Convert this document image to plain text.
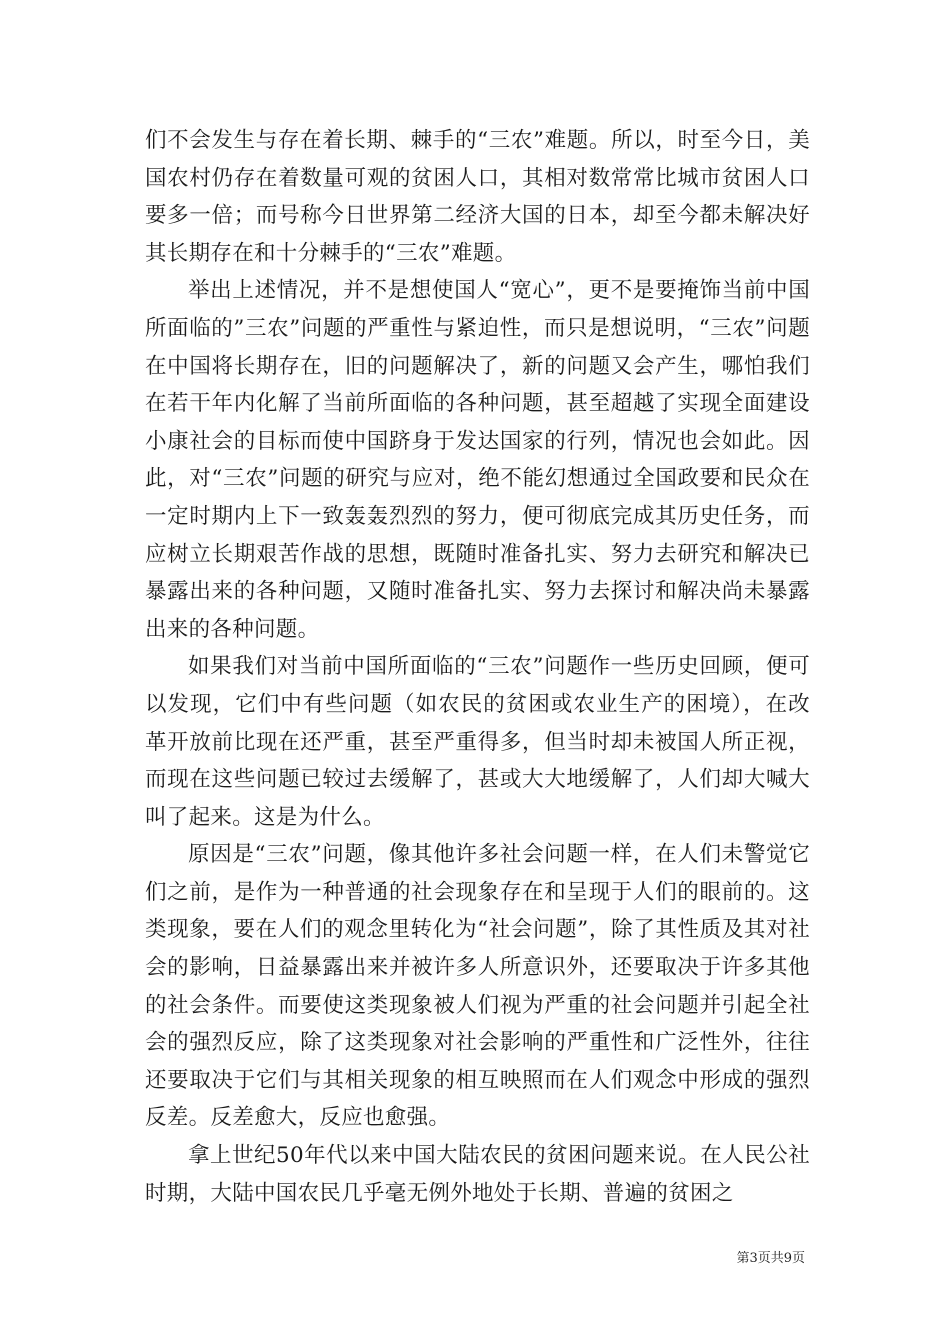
们不会发生与存在着长期、棘手的“三农”难题。所以，时至今日，美国农村仍存在着数量可观的贫困人口，其相对数常常比城市贫困人口要多一倍；而号称今日世界第二经济大国的日本，却至今都未解决好其长期存在和十分棘手的“三农”难题。

举出上述情况，并不是想使国人“宽心”，更不是要掩饰当前中国所面临的”三农”问题的严重性与紧迫性，而只是想说明，“三农”问题在中国将长期存在，旧的问题解决了，新的问题又会产生，哪怕我们在若干年内化解了当前所面临的各种问题，甚至超越了实现全面建设小康社会的目标而使中国跻身于发达国家的行列，情况也会如此。因此，对“三农”问题的研究与应对，绝不能幻想通过全国政要和民众在一定时期内上下一致轰轰烈烈的努力，便可彻底完成其历史任务，而应树立长期艰苦作战的思想，既随时准备扎实、努力去研究和解决已暴露出来的各种问题，又随时准备扎实、努力去探讨和解决尚未暴露出来的各种问题。

如果我们对当前中国所面临的“三农”问题作一些历史回顾，便可以发现，它们中有些问题（如农民的贫困或农业生产的困境），在改革开放前比现在还严重，甚至严重得多，但当时却未被国人所正视，而现在这些问题已较过去缓解了，甚或大大地缓解了，人们却大喊大叫了起来。这是为什么。

原因是“三农”问题，像其他许多社会问题一样，在人们未警觉它们之前，是作为一种普通的社会现象存在和呈现于人们的眼前的。这类现象，要在人们的观念里转化为“社会问题”，除了其性质及其对社会的影响，日益暴露出来并被许多人所意识外，还要取决于许多其他的社会条件。而要使这类现象被人们视为严重的社会问题并引起全社会的强烈反应，除了这类现象对社会影响的严重性和广泛性外，往往还要取决于它们与其相关现象的相互映照而在人们观念中形成的强烈反差。反差愈大，反应也愈强。

拿上世纪50年代以来中国大陆农民的贫困问题来说。在人民公社时期，大陆中国农民几乎毫无例外地处于长期、普遍的贫困之

第3页共9页
